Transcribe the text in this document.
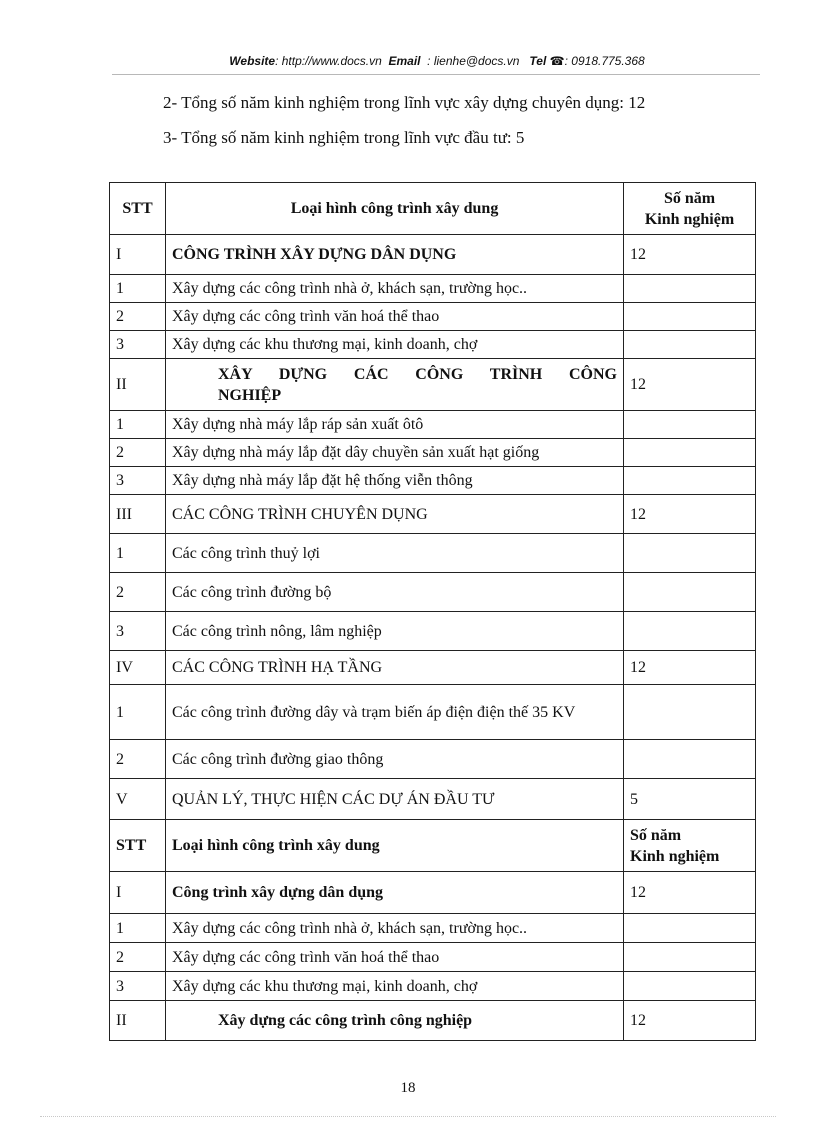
Website: http://www.docs.vn Email : lienhe@docs.vn Tel ☎: 0918.775.368
2- Tổng số năm kinh nghiệm trong lĩnh vực xây dựng chuyên dụng: 12
3- Tổng số năm kinh nghiệm trong lĩnh vực đầu tư: 5
STT	Loại hình công trình xây dung	Số năm
Kinh nghiệm
I	CÔNG TRÌNH XÂY DỰNG DÂN DỤNG	12
1	Xây dựng các công trình nhà ở, khách sạn, trường học..	
2	Xây dựng các công trình văn hoá thể thao	
3	Xây dựng các khu thương mại, kinh doanh, chợ	
II	XÂY DỰNG CÁC CÔNG TRÌNH CÔNG NGHIỆP	12
1	Xây dựng nhà máy lắp ráp sản xuất ôtô	
2	Xây dựng nhà máy lắp đặt dây chuyền sản xuất hạt giống	
3	Xây dựng nhà máy lắp đặt hệ thống viễn thông	
III	CÁC CÔNG TRÌNH CHUYÊN DỤNG	12
1	Các công trình thuỷ lợi	
2	Các công trình đường bộ	
3	Các công trình nông, lâm nghiệp	
IV	CÁC CÔNG TRÌNH HẠ TẦNG	12
1	Các công trình đường dây và trạm biến áp điện điện thế 35 KV	
2	Các công trình đường giao thông	
V	QUẢN LÝ, THỰC HIỆN CÁC DỰ ÁN ĐẦU TƯ	5
STT	Loại hình công trình xây dung	Số năm
Kinh nghiệm
I	Công trình xây dựng dân dụng	12
1	Xây dựng các công trình nhà ở, khách sạn, trường học..	
2	Xây dựng các công trình văn hoá thể thao	
3	Xây dựng các khu thương mại, kinh doanh, chợ	
II	Xây dựng các công trình công nghiệp	12
18
